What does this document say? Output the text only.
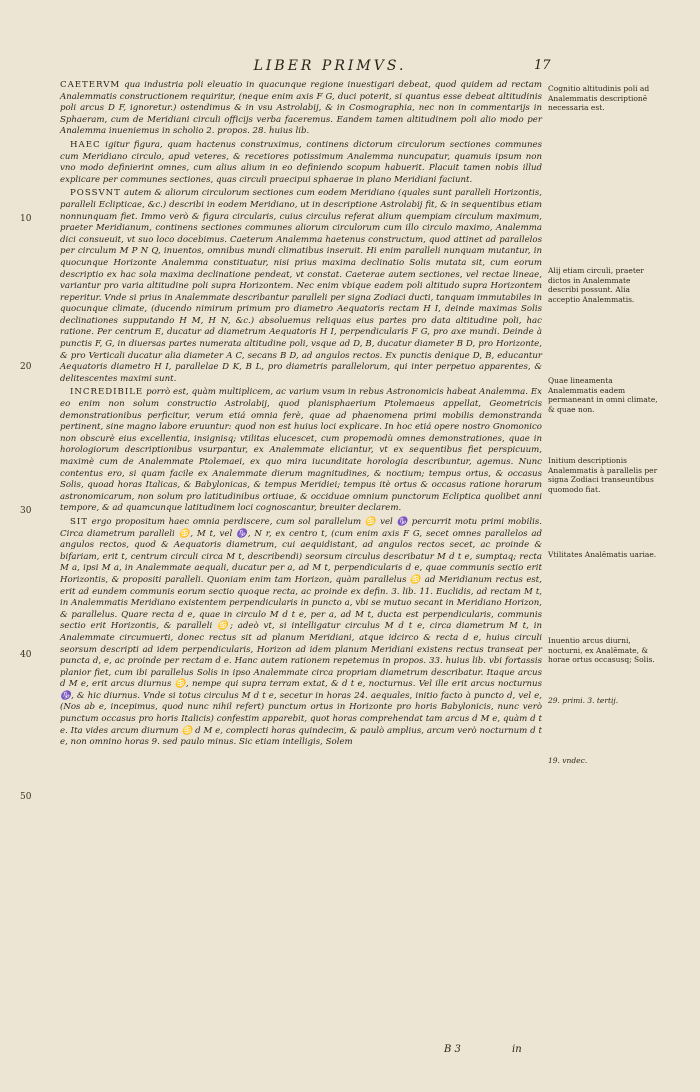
LIBER PRIMVS.	17

CAETERVM qua industria poli eleuatio in quacunque regione inuestigari debeat, quod quidem ad rectam Analemmatis constructionem requiritur, (neque enim axis F G, duci poterit, si quantus esse debeat altitudinis poli arcus D F, ignoretur.) ostendimus & in vsu Astrolabij, & in Cosmographia, nec non in commentarijs in Sphaeram, cum de Meridiani circuli officijs verba faceremus. Eandem tamen altitudinem poli alio modo per Analemma inueniemus in scholio 2. propos. 28. huius lib.

HAEC igitur figura, quam hactenus construximus, continens dictorum circulorum sectiones communes cum Meridiano circulo, apud veteres, & recetiores potissimum Analemma nuncupatur, quamuis ipsum non vno modo definierint omnes, cum alius alium in eo definiendo scopum habuerit. Placuit tamen nobis illud explicare per communes sectiones, quas circuli praecipui sphaerae in plano Meridiani faciunt.

POSSVNT autem & aliorum circulorum sectiones cum eodem Meridiano (quales sunt paralleli Horizontis, paralleli Eclipticae, &c.) describi in eodem Meridiano, ut in descriptione Astrolabij fit, & in sequentibus etiam nonnunquam fiet. Immo verò & figura circularis, cuius circulus referat alium quempiam circulum maximum, praeter Meridianum, continens sectiones communes aliorum circulorum cum illo circulo maximo, Analemma dici consueuit, vt suo loco docebimus. Caeterum Analemma haetenus constructum, quod attinet ad parallelos per circulum M P N Q, inuentos, omnibus mundi climatibus inseruit. Hi enim paralleli nunquam mutantur, in quocunque Horizonte Analemma constituatur, nisi prius maxima declinatio Solis mutata sit, cum eorum descriptio ex hac sola maxima declinatione pendeat, vt constat. Caeterae autem sectiones, vel rectae lineae, variantur pro varia altitudine poli supra Horizontem. Nec enim vbique eadem poli altitudo supra Horizontem reperitur. Vnde si prius in Analemmate describantur paralleli per signa Zodiaci ducti, tanquam immutabiles in quocunque climate, (ducendo nimirum primum pro diametro Aequatoris rectam H I, deinde maximas Solis declinationes supputando H M, H N, &c.) absoluemus reliquas eius partes pro data altitudine poli, hac ratione. Per centrum E, ducatur ad diametrum Aequatoris H I, perpendicularis F G, pro axe mundi. Deinde à punctis F, G, in diuersas partes numerata altitudine poli, vsque ad D, B, ducatur diameter B D, pro Horizonte, & pro Verticali ducatur alia diameter A C, secans B D, ad angulos rectos. Ex punctis denique D, B, educantur Aequatoris diametro H I, parallelae D K, B L, pro diametris parallelorum, qui inter perpetuo apparentes, & delitescentes maximi sunt.

INCREDIBILE porrò est, quàm multiplicem, ac varium vsum in rebus Astronomicis habeat Analemma. Ex eo enim non solum constructio Astrolabij, quod planisphaerium Ptolemaeus appellat, Geometricis demonstrationibus perficitur, verum etiá omnia ferè, quae ad phaenomena primi mobilis demonstranda pertinent, sine magno labore eruuntur: quod non est huius loci explicare. In hoc etiá opere nostro Gnomonico non obscurè eius excellentia, insignisq; vtilitas elucescet, cum propemodù omnes demonstrationes, quae in horologiorum descriptionibus vsurpantur, ex Analemmate eliciantur, vt ex sequentibus fiet perspicuum, maximè cum de Analemmate Ptolemaei, ex quo mira iucunditate horologia describuntur, agemus. Nunc contentus ero, si quam facile ex Analemmate dierum magnitudines, & noctium; tempus ortus, & occasus Solis, quoad horas Italicas, & Babylonicas, & tempus Meridiei; tempus itè ortus & occasus ratione horarum astronomicarum, non solum pro latitudinibus ortiuae, & occiduae omnium punctorum Ecliptica quolibet anni tempore, & ad quamcunque latitudinem loci cognoscantur, breuiter declarem.

SIT ergo propositum haec omnia perdiscere, cum sol parallelum ♋ vel ♑ percurrit motu primi mobilis. Circa diametrum paralleli ♋, M t, vel ♑, N r, ex centro t, (cum enim axis F G, secet omnes parallelos ad angulos rectos, quod & Aequatoris diametrum, cui aequidistant, ad angulos rectos secet, ac proinde & bifariam, erit t, centrum circuli circa M t, describendi) seorsum circulus describatur M d t e, sumptaq; recta M a, ipsi M a, in Analemmate aequali, ducatur per a, ad M t, perpendicularis d e, quae communis sectio erit Horizontis, & propositi paralleli. Quoniam enim tam Horizon, quàm parallelus ♋ ad Meridianum rectus est, erit ad eundem communis eorum sectio quoque recta, ac proinde ex defin. 3. lib. 11. Euclidis, ad rectam M t, in Analemmatis Meridiano existentem perpendicularis in puncto a, vbi se mutuo secant in Meridiano Horizon, & parallelus. Quare recta d e, quae in circulo M d t e, per a, ad M t, ducta est perpendicularis, communis sectio erit Horizontis, & paralleli ♋; adeò vt, si intelligatur circulus M d t e, circa diametrum M t, in Analemmate circumuerti, donec rectus sit ad planum Meridiani, atque idcirco & recta d e, huius circuli seorsum descripti ad idem perpendicularis, Horizon ad idem planum Meridiani existens rectus transeat per puncta d, e, ac proinde per rectam d e. Hanc autem rationem repetemus in propos. 33. huius lib. vbi fortassis planior fiet, cum ibi parallelus Solis in ipso Analemmate circa propriam diametrum describatur. Itaque arcus d M e, erit arcus diurnus ♋, nempe qui supra terram extat, & d t e, nocturnus. Vel ille erit arcus nocturnus ♑, & hic diurnus. Vnde si totus circulus M d t e, secetur in horas 24. aequales, initio facto à puncto d, vel e, (Nos ab e, incepimus, quod nunc nihil refert) punctum ortus in Horizonte pro horis Babylonicis, nunc verò punctum occasus pro horis Italicis) confestim apparebit, quot horas comprehendat tam arcus d M e, quàm d t e. Ita vides arcum diurnum ♋ d M e, complecti horas quindecim, & paulò amplius, arcum verò nocturnum d t e, non omnino horas 9. sed paulo minus. Sic etiam intelligis, Solem

10
20
30
40
50
Cognitio altitudinis poli ad Analemmatis descriptionē necessaria est.
Alij etiam circuli, praeter dictos in Analemmate describi possunt. Alia acceptio Analemmatis.
Quae lineamenta Analemmatis eadem permaneant in omni climate, & quae non.
Initium descriptionis Analemmatis à parallelis per signa Zodiaci transeuntibus quomodo fiat.
Vtilitates Analēmatis uariae.
Inuentio arcus diurni, nocturni, ex Analēmate, & horae ortus occasusq; Solis.
29. primi. 3. tertij.
19. vndec.
B 3	in
